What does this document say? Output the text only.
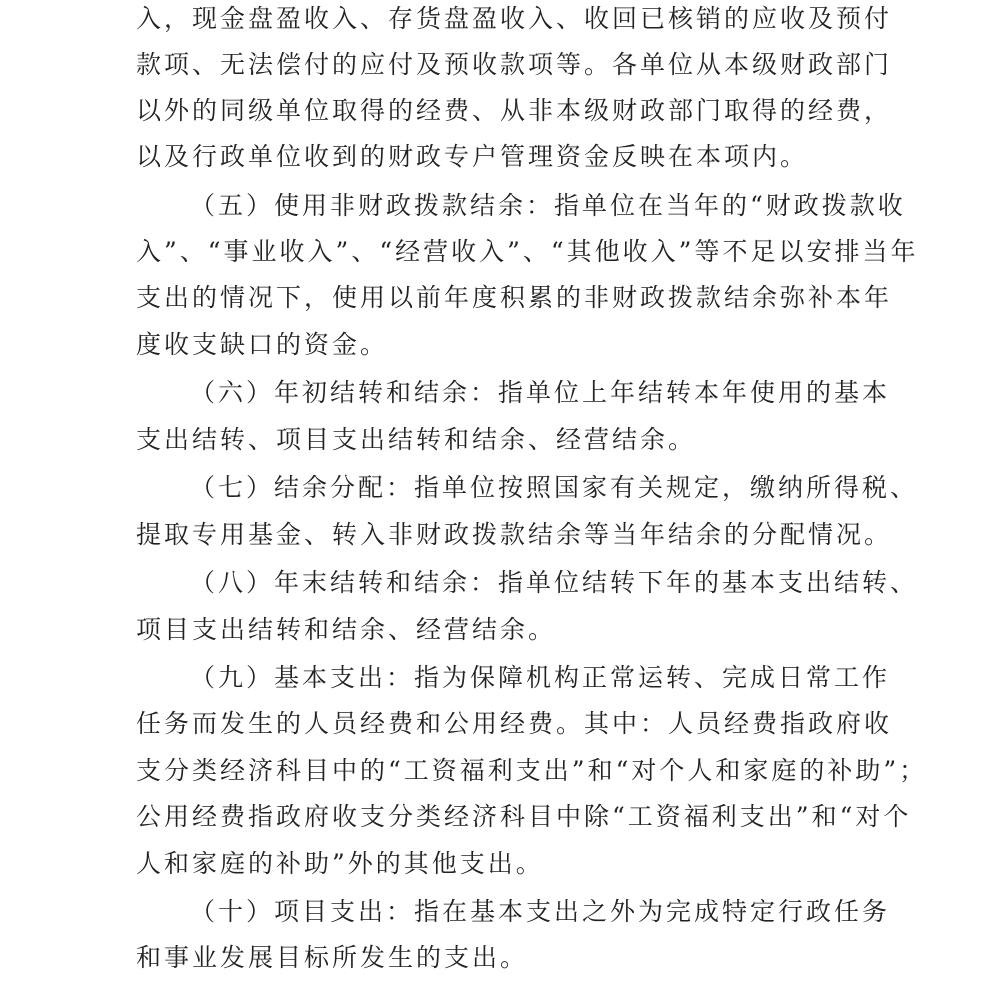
入，现金盘盈收入、存货盘盈收入、收回已核销的应收及预付
款项、无法偿付的应付及预收款项等。各单位从本级财政部门
以外的同级单位取得的经费、从非本级财政部门取得的经费，
以及行政单位收到的财政专户管理资金反映在本项内。
（五）使用非财政拨款结余：指单位在当年的“财政拨款收
入”、“事业收入”、“经营收入”、“其他收入”等不足以安排当年
支出的情况下，使用以前年度积累的非财政拨款结余弥补本年
度收支缺口的资金。
（六）年初结转和结余：指单位上年结转本年使用的基本
支出结转、项目支出结转和结余、经营结余。
（七）结余分配：指单位按照国家有关规定，缴纳所得税、
提取专用基金、转入非财政拨款结余等当年结余的分配情况。
（八）年末结转和结余：指单位结转下年的基本支出结转、
项目支出结转和结余、经营结余。
（九）基本支出：指为保障机构正常运转、完成日常工作
任务而发生的人员经费和公用经费。其中：人员经费指政府收
支分类经济科目中的“工资福利支出”和“对个人和家庭的补助”；
公用经费指政府收支分类经济科目中除“工资福利支出”和“对个
人和家庭的补助”外的其他支出。
（十）项目支出：指在基本支出之外为完成特定行政任务
和事业发展目标所发生的支出。
